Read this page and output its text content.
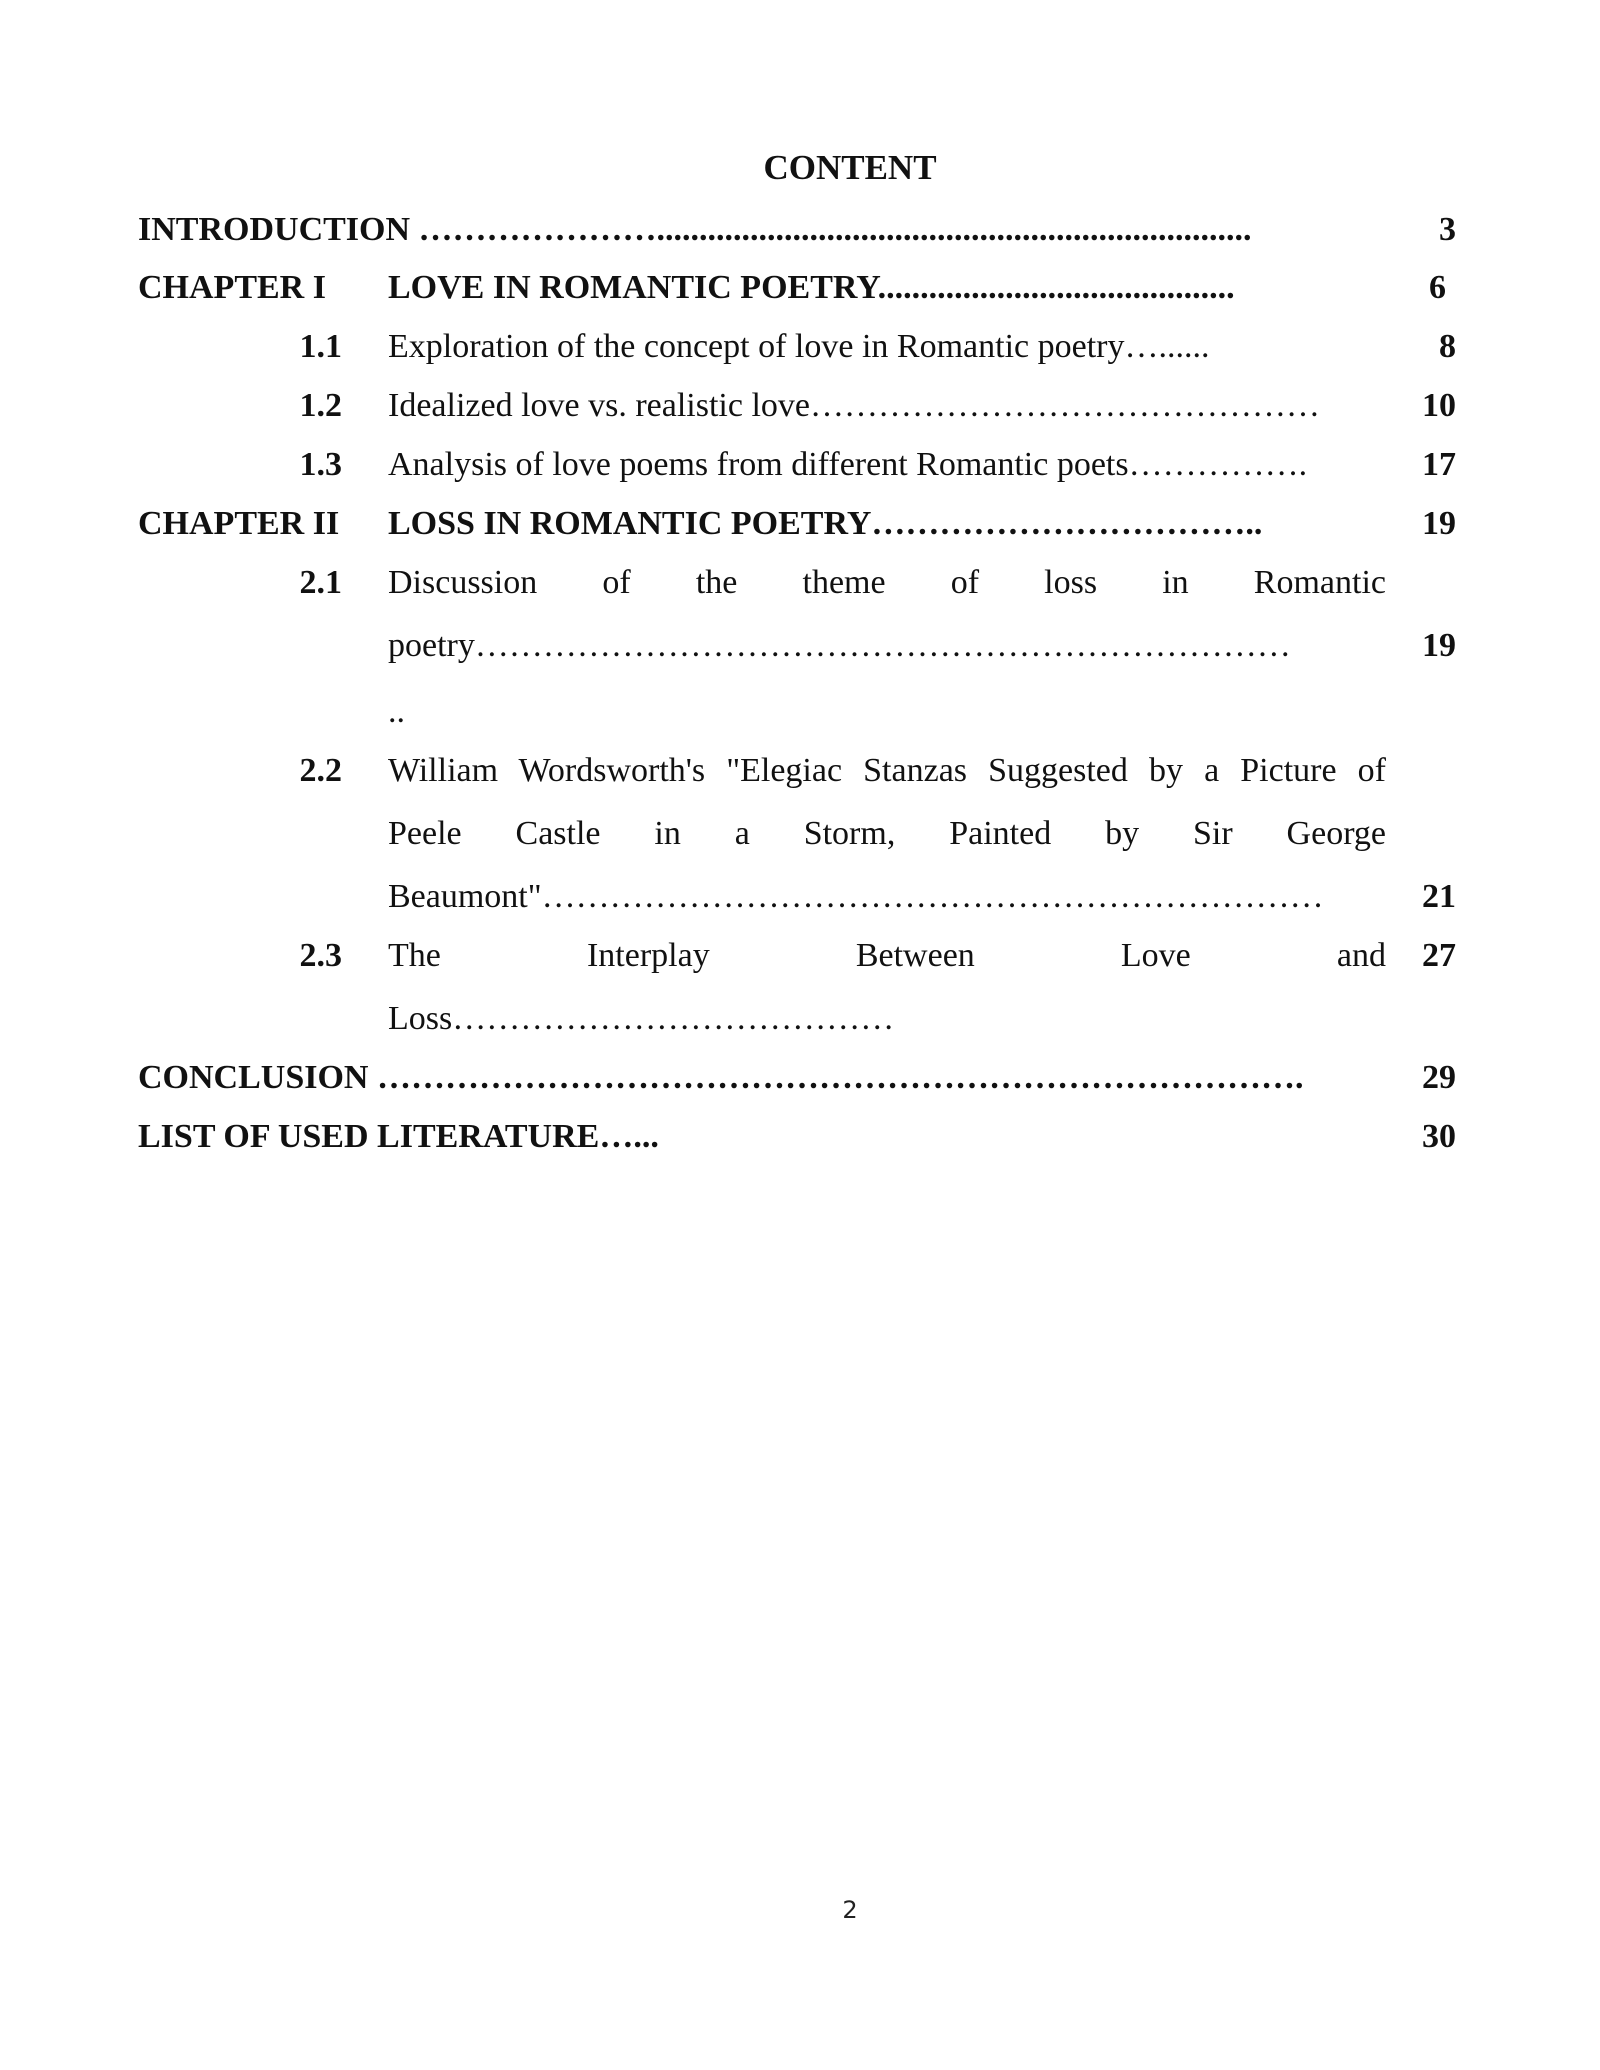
CONTENT
INTRODUCTION …………………......................................................................	3
CHAPTER I LOVE IN ROMANTIC POETRY..........................................	6
1.1 Exploration of the concept of love in Romantic poetry…......	8
1.2 Idealized love vs. realistic love………………………………………	10
1.3 Analysis of love poems from different Romantic poets…………….	17
CHAPTER II LOSS IN ROMANTIC POETRY……………………………..	19
2.1 Discussion of the theme of loss in Romantic
poetry………………………………………………………………	19
..
2.2 William Wordsworth's "Elegiac Stanzas Suggested by a Picture of
Peele Castle in a Storm, Painted by Sir George
Beaumont"……………………………………………………………	21
2.3 The Interplay Between Love and	27
Loss…………………………………
CONCLUSION ……………………………………………………………………….	29
LIST OF USED LITERATURE…...	30
2
